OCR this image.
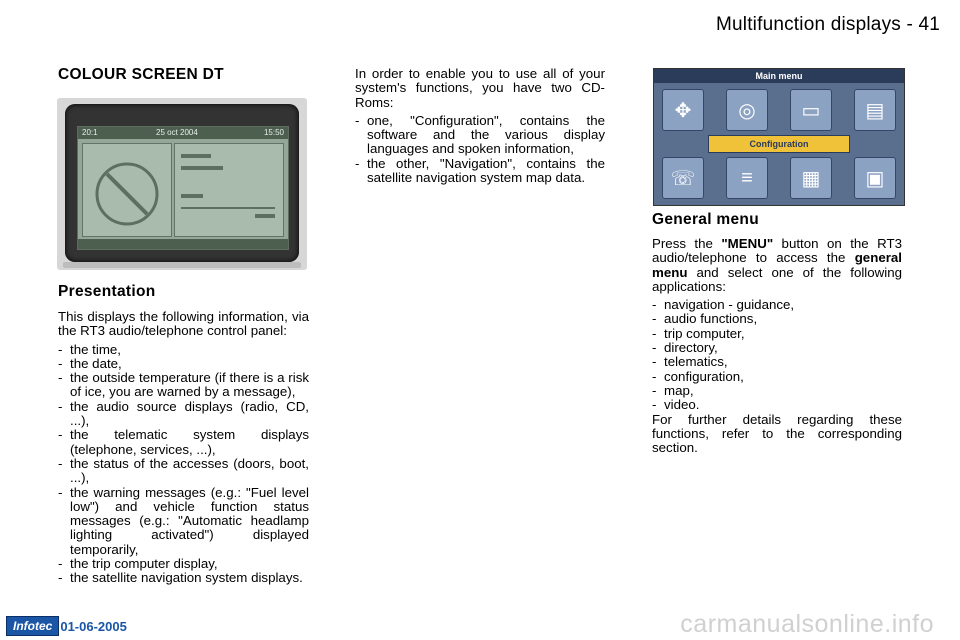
Multifunction displays - 41
COLOUR SCREEN DT
20:1	25 oct 2004	15:50
Presentation
This displays the following information, via the RT3 audio/telephone control panel:
- the time,
- the date,
- the outside temperature (if there is a risk of ice, you are warned by a message),
- the audio source displays (radio, CD, ...),
- the telematic system displays (telephone, services, ...),
- the status of the accesses (doors, boot, ...),
- the warning messages (e.g.: "Fuel level low") and vehicle function status messages (e.g.: "Automatic headlamp lighting activated") displayed temporarily,
- the trip computer display,
- the satellite navigation system displays.
In order to enable you to use all of your system's functions, you have two CD-Roms:
- one, "Configuration", contains the software and the various display languages and spoken information,
- the other, "Navigation", contains the satellite navigation system map data.
Main menu
✥	◎	▭	▤
Configuration
☏	≡	▦	▣
General menu
Press the "MENU" button on the RT3 audio/telephone to access the general menu and select one of the following applications:
- navigation - guidance,
- audio functions,
- trip computer,
- directory,
- telematics,
- configuration,
- map,
- video.
For further details regarding these functions, refer to the corresponding section.
Infotec 01-06-2005	carmanualsonline.info
